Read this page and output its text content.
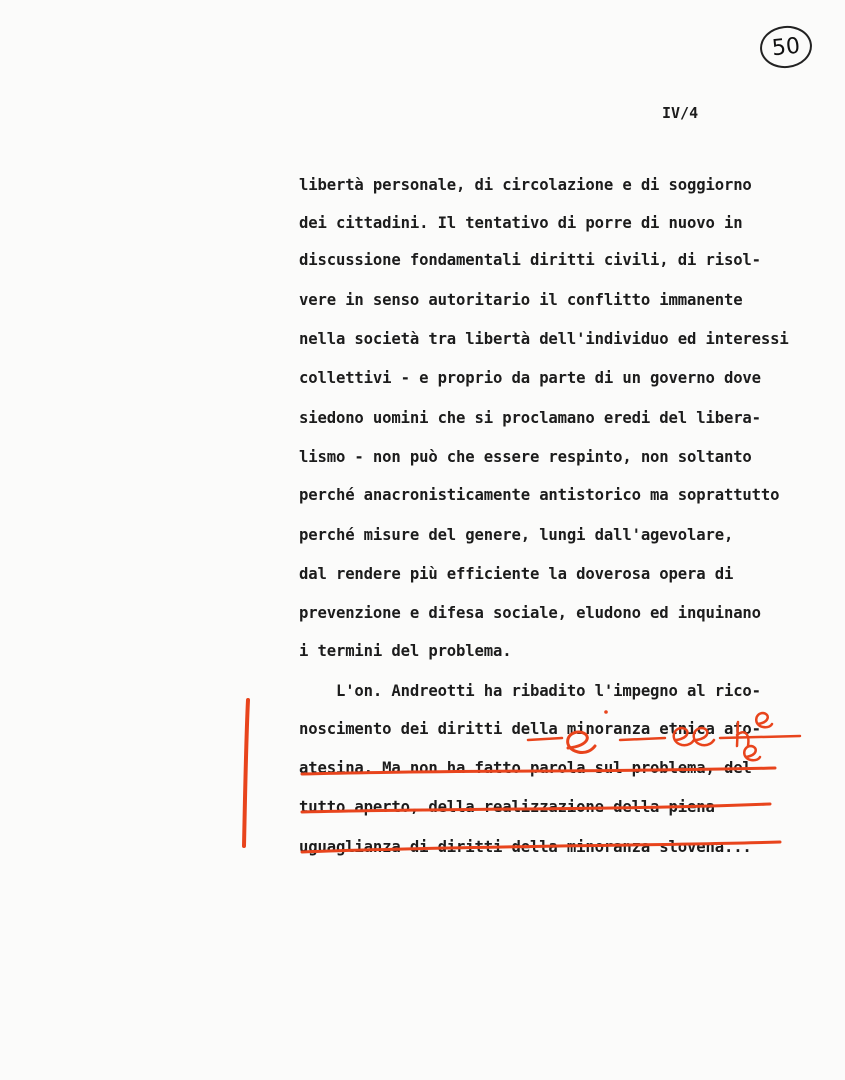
50
IV/4
libertà personale, di circolazione e di soggiorno
dei cittadini. Il tentativo di porre di nuovo in
discussione fondamentali diritti civili, di risol-
vere in senso autoritario il conflitto immanente
nella società tra libertà dell'individuo ed interessi
collettivi - e proprio da parte di un governo dove
siedono uomini che si proclamano eredi del libera-
lismo - non può che essere respinto, non soltanto
perché anacronisticamente antistorico ma soprattutto
perché misure del genere, lungi dall'agevolare,
dal rendere più efficiente la doverosa opera di
prevenzione e difesa sociale, eludono ed inquinano
i termini del problema.
L'on. Andreotti ha ribadito l'impegno al rico-
noscimento dei diritti della minoranza etnica ato-
atesina. Ma non ha fatto parola sul problema, del
tutto aperto, della realizzazione della piena
uguaglianza di diritti della minoranza slovena...
